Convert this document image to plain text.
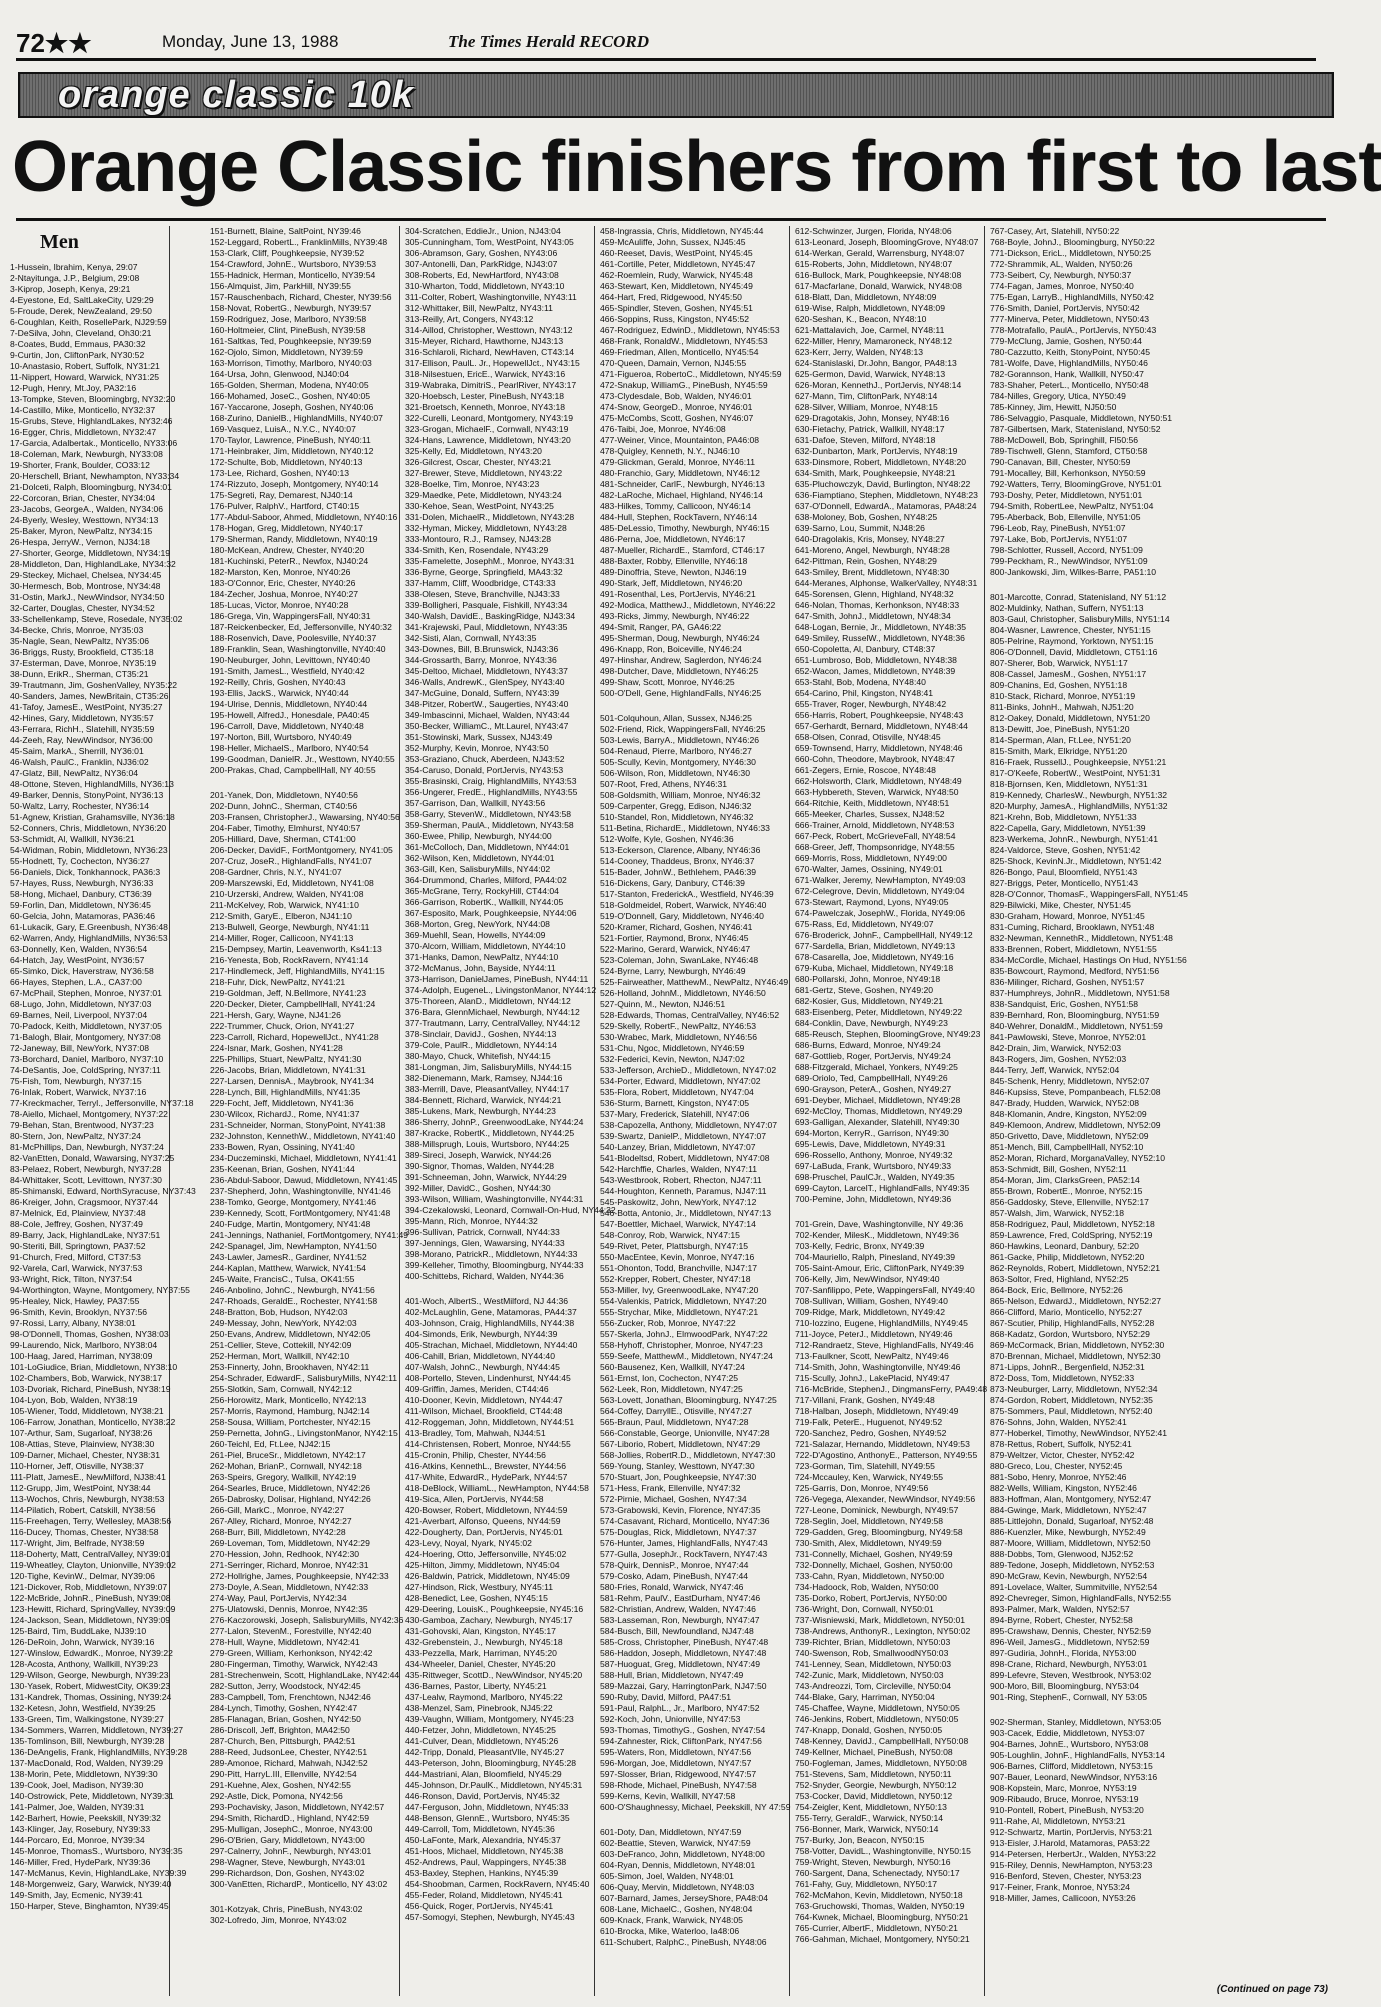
72★★	Monday, June 13, 1988	The Times Herald RECORD
orange classic 10k
Orange Classic finishers from first to last
Men
1-Hussein, Ibrahim, Kenya, 29:07
2-Ntayitunga, J.P., Belgium, 29:08
3-Kiprop, Joseph, Kenya, 29:21
4-Eyestone, Ed, SaltLakeCity, U29:29
5-Froude, Derek, NewZealand, 29:50
6-Coughlan, Keith, RosellePark, NJ29:59
7-DeSilva, John, Cleveland, Oh30:21
8-Coates, Budd, Emmaus, PA30:32
9-Curtin, Jon, CliftonPark, NY30:52
10-Anastasio, Robert, Suffolk, NY31:21
11-Nippert, Howard, Warwick, NY31:25
12-Pugh, Henry, Mt.Joy, PA32:16
13-Tompke, Steven, Bloomingbrg, NY32:20
14-Castillo, Mike, Monticello, NY32:37
15-Grubs, Steve, HighlandLakes, NY32:46
16-Egger, Chris, Middletown, NY32:47
17-Garcia, Adalbertak., Monticello, NY33:06
18-Coleman, Mark, Newburgh, NY33:08
19-Shorter, Frank, Boulder, CO33:12
20-Herschell, Briant, Newhampton, NY33:34
21-Dolceti, Ralph, Bloomingburg, NY34:01
22-Corcoran, Brian, Chester, NY34:04
23-Jacobs, GeorgeA., Walden, NY34:06
24-Byerly, Wesley, Westtown, NY34:13
25-Baker, Myron, NewPaltz, NY34:15
26-Hespa, JerryW., Vernon, NJ34:18
27-Shorter, George, Middletown, NY34:19
28-Middleton, Dan, HighlandLake, NY34:32
29-Steckey, Michael, Chelsea, NY34:45
30-Hermesch, Bob, Montrose, NY34:48
31-Ostin, MarkJ., NewWindsor, NY34:50
32-Carter, Douglas, Chester, NY34:52
33-Schellenkamp, Steve, Rosedale, NY35:02
34-Becke, Chris, Monroe, NY35:03
35-Nagle, Sean, NewPaltz, NY35:06
36-Briggs, Rusty, Brookfield, CT35:18
37-Esterman, Dave, Monroe, NY35:19
38-Dunn, ErikR., Sherman, CT35:21
39-Trautmann, Jim, GoshenValley, NY35:22
40-Sanders, James, NewBritain, CT35:26
41-Tafoy, JamesE., WestPoint, NY35:27
42-Hines, Gary, Middletown, NY35:57
43-Ferrara, RichH., Slatehill, NY35:59
44-Zeeh, Ray, NewWindsor, NY36:00
45-Saim, MarkA., Sherrill, NY36:01
46-Walsh, PaulC., Franklin, NJ36:02
47-Glatz, Bill, NewPaltz, NY36:04
48-Ottone, Steven, HighlandMills, NY36:13
49-Barker, Dennis, StonyPoint, NY36:13
50-Waltz, Larry, Rochester, NY36:14
51-Agnew, Kristian, Grahamsville, NY36:18
52-Conners, Chris, Middletown, NY36:20
53-Schmidt, Al, Wallkill, NY36:21
54-Widman, Robin, Middletown, NY36:23
55-Hodnett, Ty, Cochecton, NY36:27
56-Daniels, Dick, Tonkhannock, PA36:3
57-Hayes, Russ, Newburgh, NY36:33
58-Hong, Michael, Danbury, CT36:39
59-Forlin, Dan, Middletown, NY36:45
60-Gelcia, John, Matamoras, PA36:46
61-Lukacik, Gary, E.Greenbush, NY36:48
62-Warren, Andy, HighlandMills, NY36:53
63-Donnelly, Ken, Walden, NY36:54
64-Hatch, Jay, WestPoint, NY36:57
65-Simko, Dick, Haverstraw, NY36:58
66-Hayes, Stephen, L.A., CA37:00
67-McPhail, Stephen, Monroe, NY37:01
68-Lugo, John, Middletown, NY37:03
69-Barnes, Neil, Liverpool, NY37:04
70-Padock, Keith, Middletown, NY37:05
71-Balogh, Blair, Montgomery, NY37:08
72-Janeway, Bill, NewYork, NY37:08
73-Borchard, Daniel, Marlboro, NY37:10
74-DeSantis, Joe, ColdSpring, NY37:11
75-Fish, Tom, Newburgh, NY37:15
76-Inlak, Robert, Warwick, NY37:16
77-Kreckmacher, Terryl., Jeffersonville, NY37:18
78-Aiello, Michael, Montgomery, NY37:22
79-Behan, Stan, Brentwood, NY37:23
80-Stern, Jon, NewPaltz, NY37:24
81-McPhillips, Dan, Newburgh, NY37:24
82-VanEtten, Donald, Wawarsing, NY37:25
83-Pelaez, Robert, Newburgh, NY37:28
84-Whittaker, Scott, Levittown, NY37:30
85-Shimanski, Edward, NorthSyracuse, NY37:43
86-Kreiger, John, Cragsmoor, NY37:44
87-Melnick, Ed, Plainview, NY37:48
88-Cole, Jeffrey, Goshen, NY37:49
89-Barry, Jack, HighlandLake, NY37:51
90-Steriti, Bill, Springtown, PA37:52
91-Church, Fred, Milford, CT37:53
92-Varela, Carl, Warwick, NY37:53
93-Wright, Rick, Tilton, NY37:54
94-Worthington, Wayne, Montgomery, NY37:55
95-Healey, Nick, Hawley, PA37:55
96-Smith, Kevin, Brooklyn, NY37:56
97-Rossi, Larry, Albany, NY38:01
98-O'Donnell, Thomas, Goshen, NY38:03
99-Laurendo, Nick, Marlboro, NY38:04
100-Haag, Jared, Harriman, NY38:09
101-LoGiudice, Brian, Middletown, NY38:10
102-Chambers, Bob, Warwick, NY38:17
103-Dvoriak, Richard, PineBush, NY38:19
104-Lyon, Bob, Walden, NY38:19
105-Wiener, Todd, Middletown, NY38:21
106-Farrow, Jonathan, Monticello, NY38:22
107-Arthur, Sam, Sugarloaf, NY38:26
108-Attias, Steve, Plainview, NY38:30
109-Darner, Michael, Chester, NY38:31
110-Horner, Jeff, Otisville, NY38:37
111-Platt, JamesE., NewMilford, NJ38:41
112-Grupp, Jim, WestPoint, NY38:44
113-Wochos, Chris, Newburgh, NY38:53
114-Pilatich, Robert, Catskill, NY38:56
115-Freehagen, Terry, Wellesley, MA38:56
116-Ducey, Thomas, Chester, NY38:58
117-Wright, Jim, Belfrade, NY38:59
118-Doherty, Matt, CentralValley, NY39:01
119-Wheatley, Clayton, Unionville, NY39:02
120-Tighe, KevinW., Delmar, NY39:06
121-Dickover, Rob, Middletown, NY39:07
122-McBride, JohnR., PineBush, NY39:08
123-Hewitt, Richard, SpringValley, NY39:09
124-Jackson, Sean, Middletown, NY39:09
125-Baird, Tim, BuddLake, NJ39:10
126-DeRoin, John, Warwick, NY39:16
127-Winslow, EdwardK., Monroe, NY39:22
128-Acosta, Anthony, Wallkill, NY39:23
129-Wilson, George, Newburgh, NY39:23
130-Yasek, Robert, MidwestCity, OK39:23
131-Kandrek, Thomas, Ossining, NY39:24
132-Ketesn, John, Westfield, NY39:25
133-Green, Tim, Walkingstone, NY39:27
134-Sommers, Warren, Middletown, NY39:27
135-Tomlinson, Bill, Newburgh, NY39:28
136-DeAngelis, Frank, HighlandMills, NY39:28
137-MacDonald, Rod, Walden, NY39:29
138-Morin, Pete, Middletown, NY39:30
139-Cook, Joel, Madison, NY39:30
140-Ostrowick, Pete, Middletown, NY39:31
141-Palmer, Joe, Walden, NY39:31
142-Barhert, Howie, Peekskill, NY39:32
143-Klinger, Jay, Rosebury, NY39:33
144-Porcaro, Ed, Monroe, NY39:34
145-Monroe, ThomasS., Wurtsboro, NY39:35
146-Miller, Fred, HydePark, NY39:36
147-McManus, Kevin, HighlandLake, NY39:39
148-Morgenweiz, Gary, Warwick, NY39:40
149-Smith, Jay, Ecmenic, NY39:41
150-Harper, Steve, Binghamton, NY39:45
151-Burnett, Blaine, SaltPoint, NY39:46
152-Leggard, RobertL., FranklinMills, NY39:48
153-Clark, Cliff, Poughkeepsie, NY39:52
154-Crawford, JohnE., Wurtsboro, NY39:53
155-Hadnick, Herman, Monticello, NY39:54
156-Almquist, Jim, ParkHill, NY39:55
157-Rauschenbach, Richard, Chester, NY39:56
158-Novat, RobertG., Newburgh, NY39:57
159-Rodriguez, Jose, Marlboro, NY39:58
160-Holtmeier, Clint, PineBush, NY39:58
161-Saltkas, Ted, Poughkeepsie, NY39:59
162-Ojolo, Simon, Middletown, NY39:59
163-Morrison, Timothy, Marlboro, NY40:03
164-Ursa, John, Glenwood, NJ40:04
165-Golden, Sherman, Modena, NY40:05
166-Mohamed, JoseC., Goshen, NY40:05
167-Yaccarone, Joseph, Goshen, NY40:06
168-Zurino, DanielB., HighlandMills, NY40:07
169-Vasquez, LuisA., N.Y.C., NY40:07
170-Taylor, Lawrence, PineBush, NY40:11
171-Heinbraker, Jim, Middletown, NY40:12
172-Schulte, Bob, Middletown, NY40:13
173-Lee, Richard, Goshen, NY40:13
174-Rizzuto, Joseph, Montgomery, NY40:14
175-Segreti, Ray, Demarest, NJ40:14
176-Pulver, RalphV., Hartford, CT40:15
177-Abdul-Saboor, Ahmed, Middletown, NY40:16
178-Hogan, Greg, Middletown, NY40:17
179-Sherman, Randy, Middletown, NY40:19
180-McKean, Andrew, Chester, NY40:20
181-Kuchinski, PeterR., Newfox, NJ40:24
182-Marston, Ken, Monroe, NY40:26
183-O'Connor, Eric, Chester, NY40:26
184-Zecher, Joshua, Monroe, NY40:27
185-Lucas, Victor, Monroe, NY40:28
186-Grega, Vin, WappingersFall, NY40:31
187-Reickenbecker, Ed, Jeffersonville, NY40:32
188-Rosenvich, Dave, Poolesville, NY40:37
189-Franklin, Sean, Washingtonville, NY40:40
190-Neuburger, John, Levittown, NY40:40
191-Smith, JamesL., Westfield, NY40:42
192-Reilly, Chris, Goshen, NY40:43
193-Ellis, JackS., Warwick, NY40:44
194-Ulrise, Dennis, Middletown, NY40:44
195-Howell, AlfredJ., Honesdale, PA40:45
196-Carroll, Dave, Middletown, NY40:48
197-Norton, Bill, Wurtsboro, NY40:49
198-Heller, MichaelS., Marlboro, NY40:54
199-Goodman, DanielR. Jr., Westtown, NY40:55
200-Prakas, Chad, CampbellHall, NY 40:55
201-Yanek, Don, Middletown, NY40:56
202-Dunn, JohnC., Sherman, CT40:56
203-Fransen, ChristopherJ., Wawarsing, NY40:56
204-Faber, Timothy, Elmhurst, NY40:57
205-Hilliard, Dave, Sherman, CT41:00
206-Decker, DavidF., FortMontgomery, NY41:05
207-Cruz, JoseR., HighlandFalls, NY41:07
208-Gardner, Chris, N.Y., NY41:07
209-Marszewski, Ed, Middletown, NY41:08
210-Urzerski, Andrew, Walden, NY41:08
211-McKelvey, Rob, Warwick, NY41:10
212-Smith, GaryE., Elberon, NJ41:10
213-Bulwell, George, Newburgh, NY41:11
214-Miller, Roger, Callicoon, NY41:13
215-Dempsey, Martin, Leavenworth, Ks41:13
216-Yenesta, Bob, RockRavern, NY41:14
217-Hindlemeck, Jeff, HighlandMills, NY41:15
218-Fuhr, Dick, NewPaltz, NY41:21
219-Goldman, Jeff, N.Bellmore, NY41:23
220-Decker, Dieter, CampbellHall, NY41:24
221-Hersh, Gary, Wayne, NJ41:26
222-Trummer, Chuck, Orion, NY41:27
223-Carroll, Richard, HopewellJct., NY41:28
224-Isnar, Mark, Goshen, NY41:28
225-Phillips, Stuart, NewPaltz, NY41:30
226-Jacobs, Brian, Middletown, NY41:31
227-Larsen, DennisA., Maybrook, NY41:34
228-Lynch, Bill, HighlandMills, NY41:35
229-Focht, Jeff, Middletown, NY41:36
230-Wilcox, RichardJ., Rome, NY41:37
231-Schneider, Norman, StonyPoint, NY41:38
232-Johnston, KennethW., Middletown, NY41:40
233-Bowen, Ryan, Ossining, NY41:40
234-Duczeminski, Michael, Middletown, NY41:41
235-Keenan, Brian, Goshen, NY41:44
236-Abdul-Saboor, Dawud, Middletown, NY41:45
237-Shepherd, John, Washingtonville, NY41:46
238-Tomko, George, Montgomery, NY41:46
239-Kennedy, Scott, FortMontgomery, NY41:48
240-Fudge, Martin, Montgomery, NY41:48
241-Jennings, Nathaniel, FortMontgomery, NY41:49
242-Spanagel, Jim, NewHampton, NY41:50
243-Lawler, JamesR., Gardiner, NY41:52
244-Kaplan, Matthew, Warwick, NY41:54
245-Waite, FrancisC., Tulsa, OK41:55
246-Anbolino, JohnC., Newburgh, NY41:56
247-Rhoads, GeraldE., Rochester, NY41:58
248-Bratton, Bob, Hudson, NY42:03
249-Messay, John, NewYork, NY42:03
250-Evans, Andrew, Middletown, NY42:05
251-Cellier, Steve, Cottekill, NY42:09
252-Herman, Mort, Wallkill, NY42:10
253-Finnerty, John, Brookhaven, NY42:11
254-Schrader, EdwardF., SalisburyMills, NY42:11
255-Slotkin, Sam, Cornwall, NY42:12
256-Horowitz, Mark, Monticello, NY42:13
257-Morris, Raymond, Hamburg, NJ42:14
258-Sousa, William, Portchester, NY42:15
259-Pernetta, JohnG., LivingstonManor, NY42:15
260-Teichl, Ed, Ft.Lee, NJ42:15
261-Piel, BruceSr., Middletown, NY42:17
262-Mohan, BrianP., Cornwall, NY42:18
263-Speirs, Gregory, Wallkill, NY42:19
264-Searles, Bruce, Middletown, NY42:26
265-Dabrosky, Dolisar, Highland, NY42:26
266-Gill, MarkC., Monroe, NY42:27
267-Alley, Richard, Monroe, NY42:27
268-Burr, Bill, Middletown, NY42:28
269-Loveman, Tom, Middletown, NY42:29
270-Hession, John, Redhook, NY42:30
271-Serringer, Richard, Monroe, NY42:31
272-Hollrighe, James, Poughkeepsie, NY42:33
273-Doyle, A.Sean, Middletown, NY42:33
274-Way, Paul, PortJervis, NY42:34
275-Ulatowski, Dennis, Monroe, NY42:35
276-Kaczorowski, Joseph, SalisburyMills, NY42:36
277-Lalon, StevenM., Forestville, NY42:40
278-Hull, Wayne, Middletown, NY42:41
279-Green, William, Kerhonkson, NY42:42
280-Fingerman, Timothy, Warwick, NY42:43
281-Strechenwein, Scott, HighlandLake, NY42:44
282-Sutton, Jerry, Woodstock, NY42:45
283-Campbell, Tom, Frenchtown, NJ42:46
284-Lynch, Timothy, Goshen, NY42:47
285-Flanagan, Brian, Goshen, NY42:50
286-Driscoll, Jeff, Brighton, MA42:50
287-Church, Ben, Pittsburgh, PA42:51
288-Reed, JudsonLee, Chester, NY42:51
289-Amonoe, Richard, Mahwah, NJ42:52
290-Pitt, HarryL.III, Ellenville, NY42:54
291-Kuehne, Alex, Goshen, NY42:55
292-Astle, Dick, Pomona, NY42:56
293-Pochavisky, Jason, Middletown, NY42:57
294-Smith, RichardD., Highland, NY42:59
295-Mulligan, JosephC., Monroe, NY43:00
296-O'Brien, Gary, Middletown, NY43:00
297-Calnerry, JohnF., Newburgh, NY43:01
298-Wagner, Steve, Newburgh, NY43:01
299-Richardson, Don, Goshen, NY43:02
300-VanEtten, RichardP., Monticello, NY 43:02
301-Kotzyak, Chris, PineBush, NY43:02
302-Lofredo, Jim, Monroe, NY43:02
304-Scratchen, EddieJr., Union, NJ43:04
305-Cunningham, Tom, WestPoint, NY43:05
306-Abramson, Gary, Goshen, NY43:06
307-Antonelli, Dan, ParkRidge, NJ43:07
308-Roberts, Ed, NewHartford, NY43:08
310-Wharton, Todd, Middletown, NY43:10
311-Colter, Robert, Washingtonville, NY43:11
312-Whittaker, Bill, NewPaltz, NY43:11
313-Reilly, Art, Congers, NY43:12
314-Aillod, Christopher, Westtown, NY43:12
315-Meyer, Richard, Hawthorne, NJ43:13
316-Schlaroli, Richard, NewHaven, CT43:14
317-Ellison, PaulL. Jr., HopewellJct., NY43:15
318-Nilsestuen, EricE., Warwick, NY43:16
319-Wabraka, DimitriS., PearlRiver, NY43:17
320-Hoebsch, Lester, PineBush, NY43:18
321-Broetsch, Kenneth, Monroe, NY43:18
322-Curelli, Leonard, Montgomery, NY43:19
323-Grogan, MichaelF., Cornwall, NY43:19
324-Hans, Lawrence, Middletown, NY43:20
325-Kelly, Ed, Middletown, NY43:20
326-Gilcrest, Oscar, Chester, NY43:21
327-Brewer, Steve, Middletown, NY43:22
328-Boelke, Tim, Monroe, NY43:23
329-Maedke, Pete, Middletown, NY43:24
330-Kehoe, Sean, WestPoint, NY43:25
331-Dolen, MichaelR., Middletown, NY43:28
332-Hyman, Mickey, Middletown, NY43:28
333-Montouro, R.J., Ramsey, NJ43:28
334-Smith, Ken, Rosendale, NY43:29
335-Famelette, JosephM., Monroe, NY43:31
336-Byrne, George, Springfield, MA43:32
337-Hamm, Cliff, Woodbridge, CT43:33
338-Olesen, Steve, Branchville, NJ43:33
339-Bolligheri, Pasquale, Fishkill, NY43:34
340-Walsh, DavidE., BaskingRidge, NJ43:34
341-Krajewski, Paul, Middletown, NY43:35
342-Sisti, Alan, Cornwall, NY43:35
343-Downes, Bill, B.Brunswick, NJ43:36
344-Grossarth, Barry, Monroe, NY43:36
345-Deltoo, Michael, Middletown, NY43:37
346-Walls, AndrewK., GlenSpey, NY43:40
347-McGuine, Donald, Suffern, NY43:39
348-Pitzer, RobertW., Saugerties, NY43:40
349-Imbascinni, Michael, Walden, NY43:44
350-Becker, WilliamC., Mt.Laurel, NY43:47
351-Stowinski, Mark, Sussex, NJ43:49
352-Murphy, Kevin, Monroe, NY43:50
353-Graziano, Chuck, Aberdeen, NJ43:52
354-Caruso, Donald, PortJervis, NY43:53
355-Brasinski, Craig, HighlandMills, NY43:53
356-Ungerer, FredE., HighlandMills, NY43:55
357-Garrison, Dan, Wallkill, NY43:56
358-Garry, StevenW., Middletown, NY43:58
359-Sherman, PaulA., Middletown, NY43:58
360-Ewee, Philip, Newburgh, NY44:00
361-McColloch, Dan, Middletown, NY44:01
362-Wilson, Ken, Middletown, NY44:01
363-Gill, Ken, SalisburyMills, NY44:02
364-Drummond, Charles, Milford, PA44:02
365-McGrane, Terry, RockyHill, CT44:04
366-Garrison, RobertK., Wallkill, NY44:05
367-Esposito, Mark, Poughkeepsie, NY44:06
368-Morton, Greg, NewYork, NY44:08
369-Muehll, Sean, Howells, NY44:09
370-Alcorn, William, Middletown, NY44:10
371-Hanks, Damon, NewPaltz, NY44:10
372-McManus, John, Bayside, NY44:11
373-Harrison, DanielJames, PineBush, NY44:11
374-Adolph, EugeneL., LivingstonManor, NY44:12
375-Thoreen, AlanD., Middletown, NY44:12
376-Bara, GlennMichael, Newburgh, NY44:12
377-Trautmann, Larry, CentralValley, NY44:12
378-Sinclair, DavidJ., Goshen, NY44:13
379-Cole, PaulR., Middletown, NY44:14
380-Mayo, Chuck, Whitefish, NY44:15
381-Longman, Jim, SalisburyMills, NY44:15
382-Dienemann, Mark, Ramsey, NJ44:16
383-Merrill, Dave, PleasantValley, NY44:17
384-Bennett, Richard, Warwick, NY44:21
385-Lukens, Mark, Newburgh, NY44:23
386-Sherry, JohnP., GreenwoodLake, NY44:24
387-Kracke, RobertK., Middletown, NY44:25
388-Millsprugh, Louis, Wurtsboro, NY44:25
389-Sireci, Joseph, Warwick, NY44:26
390-Signor, Thomas, Walden, NY44:28
391-Schneeman, John, Warwick, NY44:29
392-Miller, DavidC., Goshen, NY44:30
393-Wilson, William, Washingtonville, NY44:31
394-Czekalowski, Leonard, Cornwall-On-Hud, NY44:32
395-Mann, Rich, Monroe, NY44:32
396-Sullivan, Patrick, Cornwall, NY44:33
397-Jennings, Glen, Wawarsing, NY44:33
398-Morano, PatrickR., Middletown, NY44:33
399-Kelleher, Timothy, Bloomingburg, NY44:33
400-Schittebs, Richard, Walden, NY44:36
401-Woch, AlbertS., WestMilford, NJ 44:36
402-McLaughlin, Gene, Matamoras, PA44:37
403-Johnson, Craig, HighlandMills, NY44:38
404-Simonds, Erik, Newburgh, NY44:39
405-Strachan, Michael, Middletown, NY44:40
406-Cahill, Brian, Middletown, NY44:40
407-Walsh, JohnC., Newburgh, NY44:45
408-Portello, Steven, Lindenhurst, NY44:45
409-Griffin, James, Meriden, CT44:46
410-Dooner, Kevin, Middletown, NY44:47
411-Wilson, Michael, Brookfield, CT44:48
412-Roggeman, John, Middletown, NY44:51
413-Bradley, Tom, Mahwah, NJ44:51
414-Christensen, Robert, Monroe, NY44:55
415-Cronin, Philip, Chester, NY44:56
416-Atkins, KennethL., Brewster, NY44:56
417-White, EdwardR., HydePark, NY44:57
418-DeBlock, WilliamL., NewHampton, NY44:58
419-Sica, Allen, PortJervis, NY44:58
420-Bowser, Robert, Middletown, NY44:59
421-Averbart, Alfonso, Queens, NY44:59
422-Dougherty, Dan, PortJervis, NY45:01
423-Levy, Noyal, Nyark, NY45:02
424-Hoering, Otto, Jeffersonville, NY45:02
425-Hilton, Jimmy, Middletown, NY45:04
426-Baldwin, Patrick, Middletown, NY45:09
427-Hindson, Rick, Westbury, NY45:11
428-Benedict, Lee, Goshen, NY45:15
429-Deering, LouisK., Poughkeepsie, NY45:16
430-Gamboa, Zachary, Newburgh, NY45:17
431-Gohovski, Alan, Kingston, NY45:17
432-Grebenstein, J., Newburgh, NY45:18
433-Pezzella, Mark, Harriman, NY45:20
434-Wheeler, Daniel, Chester, NY45:20
435-Rittweger, ScottD., NewWindsor, NY45:20
436-Barnes, Pastor, Liberty, NY45:21
437-Lealw, Raymond, Marlboro, NY45:22
438-Menzel, Sam, Pinebrook, NJ45:22
439-Vaughn, William, Montgomery, NY45:23
440-Fetzer, John, Middletown, NY45:25
441-Culver, Dean, Middletown, NY45:26
442-Tripp, Donald, PleasantVlle, NY45:27
443-Peterson, John, Bloomingburg, NY45:28
444-Mastriani, Alan, Bloomfield, NY45:29
445-Johnson, Dr.PaulK., Middletown, NY45:31
446-Ronson, David, PortJervis, NY45:32
447-Ferguson, John, Middletown, NY45:33
448-Benson, GlennE., Wurtsboro, NY45:35
449-Carroll, Tom, Middletown, NY45:36
450-LaFonte, Mark, Alexandria, NY45:37
451-Hoos, Michael, Middletown, NY45:38
452-Andrews, Paul, Wappingers, NY45:38
453-Baxley, Stephen, Hankins, NY45:39
454-Shoobman, Carmen, RockRavern, NY45:40
455-Feder, Roland, Middletown, NY45:41
456-Quick, Roger, PortJervis, NY45:41
457-Somogyi, Stephen, Newburgh, NY45:43
458-Ingrassia, Chris, Middletown, NY45:44
459-McAuliffe, John, Sussex, NJ45:45
460-Reeset, Davis, WestPoint, NY45:45
461-Cortille, Peter, Middletown, NY45:47
462-Roemlein, Rudy, Warwick, NY45:48
463-Stewart, Ken, Middletown, NY45:49
464-Hart, Fred, Ridgewood, NY45:50
465-Spindler, Steven, Goshen, NY45:51
466-Soppins, Russ, Kingston, NY45:52
467-Rodriguez, EdwinD., Middletown, NY45:53
468-Frank, RonaldW., Middletown, NY45:53
469-Friedman, Allen, Monticello, NY45:54
470-Queen, Damain, Vernon, NJ45:55
471-Figueroa, RobertoC., Middletown, NY45:59
472-Snakup, WilliamG., PineBush, NY45:59
473-Clydesdale, Bob, Walden, NY46:01
474-Snow, GeorgeD., Monroe, NY46:01
475-McCombs, Scott, Goshen, NY46:07
476-Taibi, Joe, Monroe, NY46:08
477-Weiner, Vince, Mountainton, PA46:08
478-Quigley, Kenneth, N.Y., NJ46:10
479-Glickman, Gerald, Monroe, NY46:11
480-Franchio, Gary, Middletown, NY46:12
481-Schneider, CarlF., Newburgh, NY46:13
482-LaRoche, Michael, Highland, NY46:14
483-Hilkes, Tommy, Callicoon, NY46:14
484-Hull, Stephen, RockTavern, NY46:14
485-DeLessio, Timothy, Newburgh, NY46:15
486-Perna, Joe, Middletown, NY46:17
487-Mueller, RichardE., Stamford, CT46:17
488-Baxter, Robby, Ellenville, NY46:18
489-Dinoffria, Steve, Newton, NJ46:19
490-Stark, Jeff, Middletown, NY46:20
491-Rosenthal, Les, PortJervis, NY46:21
492-Modica, MatthewJ., Middletown, NY46:22
493-Ricks, Jimmy, Newburgh, NY46:22
494-Smit, Ranger, PA, GA46:22
495-Sherman, Doug, Newburgh, NY46:24
496-Knapp, Ron, Boiceville, NY46:24
497-Hinshar, Andrew, Saglerdon, NY46:24
498-Dutcher, Dave, Middletown, NY46:25
499-Shaw, Scott, Monroe, NY46:25
500-O'Dell, Gene, HighlandFalls, NY46:25
501-Colquhoun, Allan, Sussex, NJ46:25
502-Friend, Rick, WappingersFall, NY46:25
503-Lewis, BarryA., Middletown, NY46:26
504-Renaud, Pierre, Marlboro, NY46:27
505-Scully, Kevin, Montgomery, NY46:30
506-Wilson, Ron, Middletown, NY46:30
507-Root, Fred, Athens, NY46:31
508-Goldsmith, William, Monroe, NY46:32
509-Carpenter, Gregg, Edison, NJ46:32
510-Standel, Ron, Middletown, NY46:32
511-Betina, RichardE., Middletown, NY46:33
512-Wolfe, Kyle, Goshen, NY46:36
513-Eckerson, Clarence, Albany, NY46:36
514-Cooney, Thaddeus, Bronx, NY46:37
515-Bader, JohnW., Bethlehem, PA46:39
516-Dickens, Gary, Danbury, CT46:39
517-Stanton, FrederickA., Westfield, NY46:39
518-Goldmeidel, Robert, Warwick, NY46:40
519-O'Donnell, Gary, Middletown, NY46:40
520-Kramer, Richard, Goshen, NY46:41
521-Fortier, Raymond, Bronx, NY46:45
522-Marino, Gerard, Warwick, NY46:47
523-Coleman, John, SwanLake, NY46:48
524-Byrne, Larry, Newburgh, NY46:49
525-Fairweather, MatthewM., NewPaltz, NY46:49
526-Holland, JohnM., Middletown, NY46:50
527-Quinn, M., Newton, NJ46:51
528-Edwards, Thomas, CentralValley, NY46:52
529-Skelly, RobertF., NewPaltz, NY46:53
530-Wrabec, Mark, Middletown, NY46:56
531-Chu, Ngoc, Middletown, NY46:59
532-Federici, Kevin, Newton, NJ47:02
533-Jefferson, ArchieD., Middletown, NY47:02
534-Porter, Edward, Middletown, NY47:02
535-Flora, Robert, Middletown, NY47:04
536-Sturm, Barnett, Kingston, NY47:05
537-Mary, Frederick, Slatehill, NY47:06
538-Capozella, Anthony, Middletown, NY47:07
539-Swartz, DanielP., Middletown, NY47:07
540-Lanzey, Brian, Middletown, NY47:07
541-Blodeltsd, Robert, Middletown, NY47:08
542-Harchffie, Charles, Walden, NY47:11
543-Westbrook, Robert, Rhecton, NJ47:11
544-Houghton, Kenneth, Paramus, NJ47:11
545-Paskowitz, John, NewYork, NY47:12
546-Botta, Antonio, Jr., Middletown, NY47:13
547-Boettler, Michael, Warwick, NY47:14
548-Conroy, Rob, Warwick, NY47:15
549-Rivet, Peter, Plattsburgh, NY47:15
550-MacEntee, Kevin, Monroe, NY47:16
551-Ohonton, Todd, Branchville, NJ47:17
552-Krepper, Robert, Chester, NY47:18
553-Miller, Ivy, GreenwoodLake, NY47:20
554-Valenkis, Patrick, Middletown, NY47:20
555-Strychar, Mike, Middletown, NY47:21
556-Zucker, Rob, Monroe, NY47:22
557-Skerla, JohnJ., ElmwoodPark, NY47:22
558-Hyhoff, Christopher, Monroe, NY47:23
559-Seefe, MatthewM., Middletown, NY47:24
560-Bausenez, Ken, Wallkill, NY47:24
561-Ernst, Ion, Cochecton, NY47:25
562-Leek, Ron, Middletown, NY47:25
563-Lovett, Jonathan, Bloomingburg, NY47:25
564-Coffey, DarryllE., Otisville, NY47:27
565-Braun, Paul, Middletown, NY47:28
566-Constable, George, Unionville, NY47:28
567-Liborio, Robert, Middletown, NY47:29
568-Jollies, RobertR.D., Middletown, NY47:30
569-Young, Stanley, Westtown, NY47:30
570-Stuart, Jon, Poughkeepsie, NY47:30
571-Hess, Frank, Ellenville, NY47:32
572-Pirnie, Michael, Goshen, NY47:34
573-Grabowski, Kevin, Florence, NY47:35
574-Casavant, Richard, Monticello, NY47:36
575-Douglas, Rick, Middletown, NY47:37
576-Hunter, James, HighlandFalls, NY47:43
577-Gulla, JosephJr., RockTavern, NY47:43
578-Quirk, DennisP., Monroe, NY47:44
579-Cosko, Adam, PineBush, NY47:44
580-Fries, Ronald, Warwick, NY47:46
581-Rehm, PaulV., EastDurham, NY47:46
582-Christian, Andrew, Walden, NY47:46
583-Lasseman, Ron, Newburgh, NY47:47
584-Busch, Bill, Newfoundland, NJ47:48
585-Cross, Christopher, PineBush, NY47:48
586-Haddon, Joseph, Middletown, NY47:48
587-Huoguat, Greg, Middletown, NY47:49
588-Hull, Brian, Middletown, NY47:49
589-Mazzai, Gary, HarringtonPark, NJ47:50
590-Ruby, David, Milford, PA47:51
591-Paul, RalphL., Jr., Marlboro, NY47:52
592-Koch, John, Unionville, NY47:53
593-Thomas, TimothyG., Goshen, NY47:54
594-Zahnester, Rick, CliftonPark, NY47:56
595-Waters, Ron, Middletown, NY47:56
596-Morgan, Joe, Middletown, NY47:57
597-Slosser, Brian, Ridgewood, NY47:57
598-Rhode, Michael, PineBush, NY47:58
599-Kerns, Kevin, Wallkill, NY47:58
600-O'Shaughnessy, Michael, Peekskill, NY 47:59
601-Doty, Dan, Middletown, NY47:59
602-Beattie, Steven, Warwick, NY47:59
603-DeFranco, John, Middletown, NY48:00
604-Ryan, Dennis, Middletown, NY48:01
605-Simon, Joel, Walden, NY48:01
606-Quay, Mervin, Middletown, NY48:03
607-Barnard, James, JerseyShore, PA48:04
608-Lane, MichaelC., Goshen, NY48:04
609-Knack, Frank, Warwick, NY48:05
610-Brocka, Mike, Waterloo, Ia48:06
611-Schubert, RalphC., PineBush, NY48:06
612-Schwinzer, Jurgen, Florida, NY48:06
613-Leonard, Joseph, BloomingGrove, NY48:07
614-Werkan, Gerald, Warrensburg, NY48:07
615-Roberts, John, Middletown, NY48:07
616-Bullock, Mark, Poughkeepsie, NY48:08
617-Macfarlane, Donald, Warwick, NY48:08
618-Blatt, Dan, Middletown, NY48:09
619-Wise, Ralph, Middletown, NY48:09
620-Seshan, K., Beacon, NY48:10
621-Mattalavich, Joe, Carmel, NY48:11
622-Miller, Henry, Mamaroneck, NY48:12
623-Kerr, Jerry, Walden, NY48:13
624-Stanislaski, Dr.John, Bangor, PA48:13
625-Germon, David, Warwick, NY48:13
626-Moran, KennethJ., PortJervis, NY48:14
627-Mann, Tim, CliftonPark, NY48:14
628-Silver, William, Monroe, NY48:15
629-Dragotakis, John, Monsey, NY48:16
630-Fietachy, Patrick, Wallkill, NY48:17
631-Dafoe, Steven, Milford, NY48:18
632-Dunbarton, Mark, PortJervis, NY48:19
633-Dinsmore, Robert, Middletown, NY48:20
634-Smith, Mark, Poughkeepsie, NY48:21
635-Pluchowczyk, David, Burlington, NY48:22
636-Fiamptiano, Stephen, Middletown, NY48:23
637-O'Donnell, EdwardA., Matamoras, PA48:24
638-Moloney, Bob, Goshen, NY48:25
639-Sarno, Lou, Summit, NJ48:26
640-Dragolakis, Kris, Monsey, NY48:27
641-Moreno, Angel, Newburgh, NY48:28
642-Pittman, Rein, Goshen, NY48:29
643-Smiley, Brent, Middletown, NY48:30
644-Meranes, Alphonse, WalkerValley, NY48:31
645-Sorensen, Glenn, Highland, NY48:32
646-Nolan, Thomas, Kerhonkson, NY48:33
647-Smith, JohnJ., Middletown, NY48:34
648-Logan, Bernie, Jr., Middletown, NY48:35
649-Smiley, RusselW., Middletown, NY48:36
650-Copoletta, Al, Danbury, CT48:37
651-Lumbroso, Bob, Middletown, NY48:38
652-Wacon, James, Middletown, NY48:39
653-Stahl, Bob, Modena, NY48:40
654-Carino, Phil, Kingston, NY48:41
655-Traver, Roger, Newburgh, NY48:42
656-Harris, Robert, Poughkeepsie, NY48:43
657-Gerhardt, Bernard, Middletown, NY48:44
658-Olsen, Conrad, Otisville, NY48:45
659-Townsend, Harry, Middletown, NY48:46
660-Cohn, Theodore, Maybrook, NY48:47
661-Zegers, Ernie, Roscoe, NY48:48
662-Holsworth, Clark, Middletown, NY48:49
663-Hybbereth, Steven, Warwick, NY48:50
664-Ritchie, Keith, Middletown, NY48:51
665-Meeker, Charles, Sussex, NJ48:52
666-Trainer, Arnold, Middletown, NY48:53
667-Peck, Robert, McGrieveFall, NY48:54
668-Greer, Jeff, Thompsonridge, NY48:55
669-Morris, Ross, Middletown, NY49:00
670-Walter, James, Ossining, NY49:01
671-Walker, Jeremy, NewHampton, NY49:03
672-Celegrove, Devin, Middletown, NY49:04
673-Stewart, Raymond, Lyons, NY49:05
674-Pawelczak, JosephW., Florida, NY49:06
675-Rass, Ed, Middletown, NY49:07
676-Broderick, JohnF., CampbellHall, NY49:12
677-Sardella, Brian, Middletown, NY49:13
678-Casarella, Joe, Middletown, NY49:16
679-Kuba, Michael, Middletown, NY49:18
680-Pollarski, John, Monroe, NY49:18
681-Gertz, Steve, Goshen, NY49:20
682-Kosier, Gus, Middletown, NY49:21
683-Eisenberg, Peter, Middletown, NY49:22
684-Conklin, Dave, Newburgh, NY49:23
685-Reusch, Stephen, BloomingGrove, NY49:23
686-Burns, Edward, Monroe, NY49:24
687-Gottlieb, Roger, PortJervis, NY49:24
688-Fitzgerald, Michael, Yonkers, NY49:25
689-Oriolo, Ted, CampbellHall, NY49:26
690-Grayson, PeterA., Goshen, NY49:27
691-Deyber, Michael, Middletown, NY49:28
692-McCloy, Thomas, Middletown, NY49:29
693-Galligan, Alexander, Slatehill, NY49:30
694-Morton, KerryR., Garrison, NY49:30
695-Lewis, Dave, Middletown, NY49:31
696-Rossello, Anthony, Monroe, NY49:32
697-LaBuda, Frank, Wurtsboro, NY49:33
698-Pruschel, PaulCJr., Walden, NY49:35
699-Cayton, LarcelT., HighlandFalls, NY49:35
700-Pemine, John, Middletown, NY49:36
701-Grein, Dave, Washingtonville, NY 49:36
702-Kender, MilesK., Middletown, NY49:36
703-Kelly, Fedric, Bronx, NY49:39
704-Mauriello, Ralph, Pinesland, NY49:39
705-Saint-Amour, Eric, CliftonPark, NY49:39
706-Kelly, Jim, NewWindsor, NY49:40
707-Sanfilippo, Pete, WappingersFall, NY49:40
708-Sullivan, William, Goshen, NY49:40
709-Ridge, Mark, Middletown, NY49:42
710-Iozzino, Eugene, HighlandMills, NY49:45
711-Joyce, PeterJ., Middletown, NY49:46
712-Randraetz, Steve, HighlandFalls, NY49:46
713-Faulkner, Scott, NewPaltz, NY49:46
714-Smith, John, Washingtonville, NY49:46
715-Scully, JohnJ., LakePlacid, NY49:47
716-McBride, StephenJ., DingmansFerry, PA49:48
717-Villani, Frank, Goshen, NY49:48
718-Halban, Joseph, Middletown, NY49:49
719-Falk, PeterE., Huguenot, NY49:52
720-Sanchez, Pedro, Goshen, NY49:52
721-Salazar, Hernando, Middletown, NY49:53
722-D'Agostino, AnthonyE., Patterson, NY49:55
723-Gorman, Tim, Slatehill, NY49:55
724-Mccauley, Ken, Warwick, NY49:55
725-Garris, Don, Monroe, NY49:56
726-Vegega, Alexander, NewWindsor, NY49:56
727-Leone, Dominick, Newburgh, NY49:57
728-Seglin, Joel, Middletown, NY49:58
729-Gadden, Greg, Bloomingburg, NY49:58
730-Smith, Alex, Middletown, NY49:59
731-Connelly, Michael, Goshen, NY49:59
732-Donnelly, Michael, Goshen, NY50:00
733-Cahn, Ryan, Middletown, NY50:00
734-Hadoock, Rob, Walden, NY50:00
735-Dorko, Robert, PortJervis, NY50:00
736-Wright, Don, Cornwall, NY50:01
737-Wisniewski, Mark, Middletown, NY50:01
738-Andrews, AnthonyR., Lexington, NY50:02
739-Richter, Brian, Middletown, NY50:03
740-Swenson, Rob, SmallwoodNY50:03
741-Lenney, Sean, Middletown, NY50:03
742-Zunic, Mark, Middletown, NY50:03
743-Andreozzi, Tom, Circleville, NY50:04
744-Blake, Gary, Harriman, NY50:04
745-Chaffee, Wayne, Middletown, NY50:05
746-Jenkins, Robert, Middletown, NY50:05
747-Knapp, Donald, Goshen, NY50:05
748-Kenney, DavidJ., CampbellHall, NY50:08
749-Kellner, Michael, PineBush, NY50:08
750-Fogleman, James, Middletown, NY50:08
751-Stevens, Sam, Middletown, NY50:11
752-Snyder, Georgie, Newburgh, NY50:12
753-Cocker, David, Middletown, NY50:12
754-Zeigler, Kent, Middletown, NY50:13
755-Terry, GeraldF., Warwick, NY50:14
756-Bonner, Mark, Warwick, NY50:14
757-Burky, Jon, Beacon, NY50:15
758-Votter, DavidL., Washingtonville, NY50:15
759-Wright, Steven, Newburgh, NY50:16
760-Sargent, Dana, Schenectady, NY50:17
761-Fahy, Guy, Middletown, NY50:17
762-McMahon, Kevin, Middletown, NY50:18
763-Gruchowski, Thomas, Walden, NY50:19
764-Kwnek, Michael, Bloomingburg, NY50:21
765-Currier, AlbertF., Middletown, NY50:21
766-Gahman, Michael, Montgomery, NY50:21
767-Casey, Art, Slatehill, NY50:22
768-Boyle, JohnJ., Bloomingburg, NY50:22
771-Dickson, EricL., Middletown, NY50:25
772-Shrammik, AL, Walden, NY50:26
773-Seibert, Cy, Newburgh, NY50:37
774-Fagan, James, Monroe, NY50:40
775-Egan, LarryB., HighlandMills, NY50:42
776-Smith, Daniel, PortJervis, NY50:42
777-Minerva, Peter, Middletown, NY50:43
778-Motrafallo, PaulA., PortJervis, NY50:43
779-McClung, Jamie, Goshen, NY50:44
780-Cazzutto, Keith, StonyPoint, NY50:45
781-Wolfe, Dave, HighlandMills, NY50:46
782-Gorannson, Hank, Wallkill, NY50:47
783-Shaher, PeterL., Monticello, NY50:48
784-Nilles, Gregory, Utica, NY50:49
785-Kinney, Jim, Hewitt, NJ50:50
786-Selvaggio, Pasquale, Middletown, NY50:51
787-Gilbertsen, Mark, Statenisland, NY50:52
788-McDowell, Bob, Springhill, Fl50:56
789-Tischwell, Glenn, Stamford, CT50:58
790-Canavan, Bill, Chester, NY50:59
791-Mocalley, Bill, Kerhonkson, NY50:59
792-Watters, Terry, BloomingGrove, NY51:01
793-Doshy, Peter, Middletown, NY51:01
794-Smith, RobertLee, NewPaltz, NY51:04
795-Aberback, Bob, Ellenville, NY51:05
796-Leob, Ray, PineBush, NY51:07
797-Lake, Bob, PortJervis, NY51:07
798-Schlotter, Russell, Accord, NY51:09
799-Peckham, R., NewWindsor, NY51:09
800-Jankowski, Jim, Wilkes-Barre, PA51:10
801-Marcotte, Conrad, Statenisland, NY 51:12
802-Muldinky, Nathan, Suffern, NY51:13
803-Gaul, Christopher, SalisburyMills, NY51:14
804-Wasner, Lawrence, Chester, NY51:15
805-Pelrine, Raymond, Yorktown, NY51:15
806-O'Donnell, David, Middletown, CT51:16
807-Sherer, Bob, Warwick, NY51:17
808-Cassel, JamesM., Goshen, NY51:17
809-Chanins, Ed, Goshen, NY51:18
810-Stack, Richard, Monroe, NY51:19
811-Binks, JohnH., Mahwah, NJ51:20
812-Oakey, Donald, Middletown, NY51:20
813-Dewitt, Joe, PineBush, NY51:20
814-Sperman, Alan, Ft.Lee, NY51:20
815-Smith, Mark, Elkridge, NY51:20
816-Fraek, RussellJ., Poughkeepsie, NY51:21
817-O'Keefe, RobertW., WestPoint, NY51:31
818-Bjornsen, Ken, Middletown, NY51:31
819-Kennedy, CharlesW., Newburgh, NY51:32
820-Murphy, JamesA., HighlandMills, NY51:32
821-Krehn, Bob, Middletown, NY51:33
822-Capella, Gary, Middletown, NY51:39
823-Werkema, JohnR., Newburgh, NY51:41
824-Valdorce, Steve, Goshen, NY51:42
825-Shock, KevinN.Jr., Middletown, NY51:42
826-Bongo, Paul, Bloomfield, NY51:43
827-Briggs, Peter, Monticello, NY51:43
828-O'Connor, ThomasF., WappingersFall, NY51:45
829-Bilwicki, Mike, Chester, NY51:45
830-Graham, Howard, Monroe, NY51:45
831-Cuming, Richard, Brooklawn, NY51:48
832-Newman, KennethR., Middletown, NY51:48
833-Brennen, Robert, Middletown, NY51:55
834-McCordle, Michael, Hastings On Hud, NY51:56
835-Bowcourt, Raymond, Medford, NY51:56
836-Milinger, Richard, Goshen, NY51:57
837-Humphreys, JohnR., Middletown, NY51:58
838-Sandquist, Eric, Goshen, NY51:58
839-Bernhard, Ron, Bloomingburg, NY51:59
840-Wehrer, DonaldM., Middletown, NY51:59
841-Pawlowski, Steve, Monroe, NY52:01
842-Drain, Jim, Warwick, NY52:03
843-Rogers, Jim, Goshen, NY52:03
844-Terry, Jeff, Warwick, NY52:04
845-Schenk, Henry, Middletown, NY52:07
846-Kupsiss, Steve, Pompanbeach, FL52:08
847-Brady, Hudden, Warwick, NY52:08
848-Klomanin, Andre, Kingston, NY52:09
849-Klemoon, Andrew, Middletown, NY52:09
850-Grivetto, Dave, Middletown, NY52:09
851-Mench, Bill, CampbellHall, NY52:10
852-Moran, Richard, MorganaValley, NY52:10
853-Schmidt, Bill, Goshen, NY52:11
854-Moran, Jim, ClarksGreen, PA52:14
855-Brown, RobertE., Monroe, NY52:15
856-Gaddosky, Steve, Ellenville, NY52:17
857-Walsh, Jim, Warwick, NY52:18
858-Rodriguez, Paul, Middletown, NY52:18
859-Lawrence, Fred, ColdSpring, NY52:19
860-Hawkins, Leonard, Danbury, 52:20
861-Gacke, Philip, Middletown, NY52:20
862-Reynolds, Robert, Middletown, NY52:21
863-Soltor, Fred, Highland, NY52:25
864-Bock, Eric, Bellmore, NY52:26
865-Nelson, EdwardJ., Middletown, NY52:27
866-Clifford, Mario, Monticello, NY52:27
867-Scutier, Philip, HighlandFalls, NY52:28
868-Kadatz, Gordon, Wurtsboro, NY52:29
869-McCormack, Brian, Middletown, NY52:30
870-Brennan, Michael, Middletown, NY52:30
871-Lipps, JohnR., Bergenfield, NJ52:31
872-Doss, Tom, Middletown, NY52:33
873-Neuburger, Larry, Middletown, NY52:34
874-Gordon, Robert, Middletown, NY52:35
875-Sommers, Paul, Middletown, NY52:40
876-Sohns, John, Walden, NY52:41
877-Hoberkel, Timothy, NewWindsor, NY52:41
878-Rettus, Robert, Suffolk, NY52:41
879-Weltzer, Victor, Chester, NY52:42
880-Greco, Lou, Chester, NY52:45
881-Sobo, Henry, Monroe, NY52:46
882-Wells, William, Kingston, NY52:46
883-Hoffman, Alan, Montgomery, NY52:47
884-Gwinge, Mark, Middletown, NY52:47
885-Littlejohn, Donald, Sugarloaf, NY52:48
886-Kuenzler, Mike, Newburgh, NY52:49
887-Moore, William, Middletown, NY52:50
888-Dobbs, Tom, Glenwood, NJ52:52
889-Tedone, Joseph, Middletown, NY52:53
890-McGraw, Kevin, Newburgh, NY52:54
891-Lovelace, Walter, Summitville, NY52:54
892-Chevreger, Simon, HighlandFalls, NY52:55
893-Palmer, Mark, Walden, NY52:57
894-Byrne, Robert, Chester, NY52:58
895-Crawshaw, Dennis, Chester, NY52:59
896-Weil, JamesG., Middletown, NY52:59
897-Gudiria, JohnH., Florida, NY53:00
898-Crane, Richard, Newburgh, NY53:01
899-Lefevre, Steven, Westbrook, NY53:02
900-Moro, Bill, Bloomingburg, NY53:04
901-Ring, StephenF., Cornwall, NY 53:05
902-Sherman, Stanley, Middletown, NY53:05
903-Cacek, Eddie, Middletown, NY53:07
904-Barnes, JohnE., Wurtsboro, NY53:08
905-Loughlin, JohnF., HighlandFalls, NY53:14
906-Barnes, Clifford, Middletown, NY53:15
907-Bauer, Leonard, NewWindsor, NY53:16
908-Kopstein, Marc, Monroe, NY53:19
909-Ribaudo, Bruce, Monroe, NY53:19
910-Pontell, Robert, PineBush, NY53:20
911-Rahe, Al, Middletown, NY53:21
912-Schwartz, Martin, PortJervis, NY53:21
913-Eisler, J.Harold, Matamoras, PA53:22
914-Petersen, HerbertJr., Walden, NY53:22
915-Riley, Dennis, NewHampton, NY53:23
916-Benford, Steven, Chester, NY53:23
917-Feiner, Frank, Monroe, NY53:24
918-Miller, James, Callicoon, NY53:26
(Continued on page 73)
